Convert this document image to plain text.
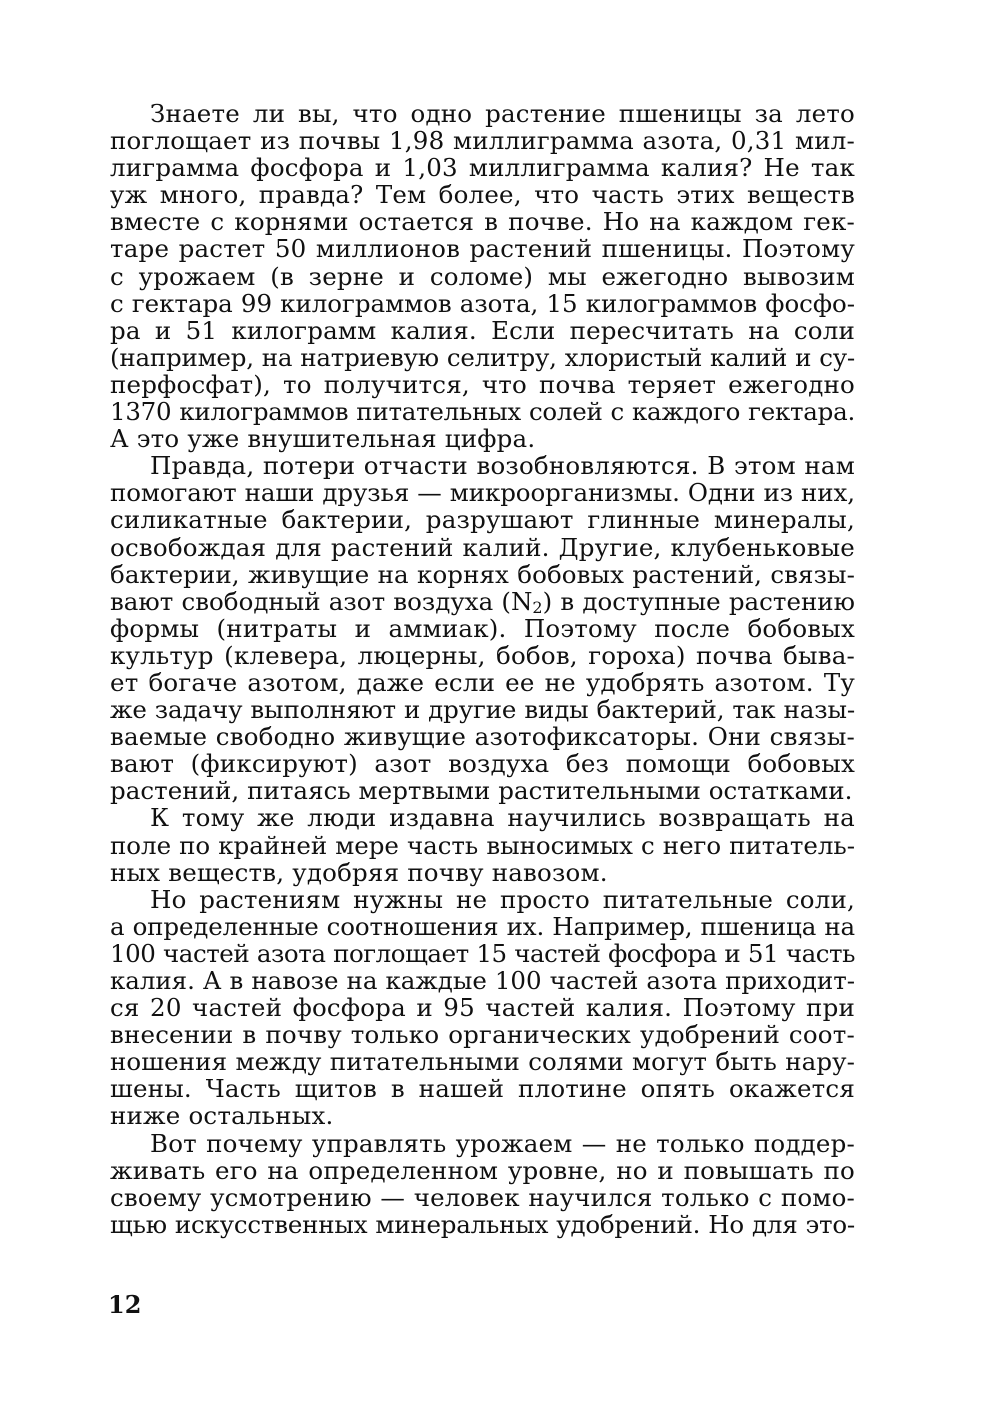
Знаете ли вы, что одно растение пшеницы за лето
поглощает из почвы 1,98 миллиграмма азота, 0,31 мил-
лиграмма фосфора и 1,03 миллиграмма калия? Не так
уж много, правда? Тем более, что часть этих веществ
вместе с корнями остается в почве. Но на каждом гек-
таре растет 50 миллионов растений пшеницы. Поэтому
с урожаем (в зерне и соломе) мы ежегодно вывозим
с гектара 99 килограммов азота, 15 килограммов фосфо-
ра и 51 килограмм калия. Если пересчитать на соли
(например, на натриевую селитру, хлористый калий и су-
перфосфат), то получится, что почва теряет ежегодно
1370 килограммов питательных солей с каждого гектара.
А это уже внушительная цифра.
Правда, потери отчасти возобновляются. В этом нам
помогают наши друзья — микроорганизмы. Одни из них,
силикатные бактерии, разрушают глинные минералы,
освобождая для растений калий. Другие, клубеньковые
бактерии, живущие на корнях бобовых растений, связы-
вают свободный азот воздуха $(N_2)$ в доступные растению
формы (нитраты и аммиак). Поэтому после бобовых
культур (клевера, люцерны, бобов, гороха) почва быва-
ет богаче азотом, даже если ее не удобрять азотом. Ту
же задачу выполняют и другие виды бактерий, так назы-
ваемые свободно живущие азотофиксаторы. Они связы-
вают (фиксируют) азот воздуха без помощи бобовых
растений, питаясь мертвыми растительными остатками.
К тому же люди издавна научились возвращать на
поле по крайней мере часть выносимых с него питатель-
ных веществ, удобряя почву навозом.
Но растениям нужны не просто питательные соли,
а определенные соотношения их. Например, пшеница на
100 частей азота поглощает 15 частей фосфора и 51 часть
калия. А в навозе на каждые 100 частей азота приходит-
ся 20 частей фосфора и 95 частей калия. Поэтому при
внесении в почву только органических удобрений соот-
ношения между питательными солями могут быть нару-
шены. Часть щитов в нашей плотине опять окажется
ниже остальных.
Вот почему управлять урожаем — не только поддер-
живать его на определенном уровне, но и повышать по
своему усмотрению — человек научился только с помо-
щью искусственных минеральных удобрений. Но для это-
12
